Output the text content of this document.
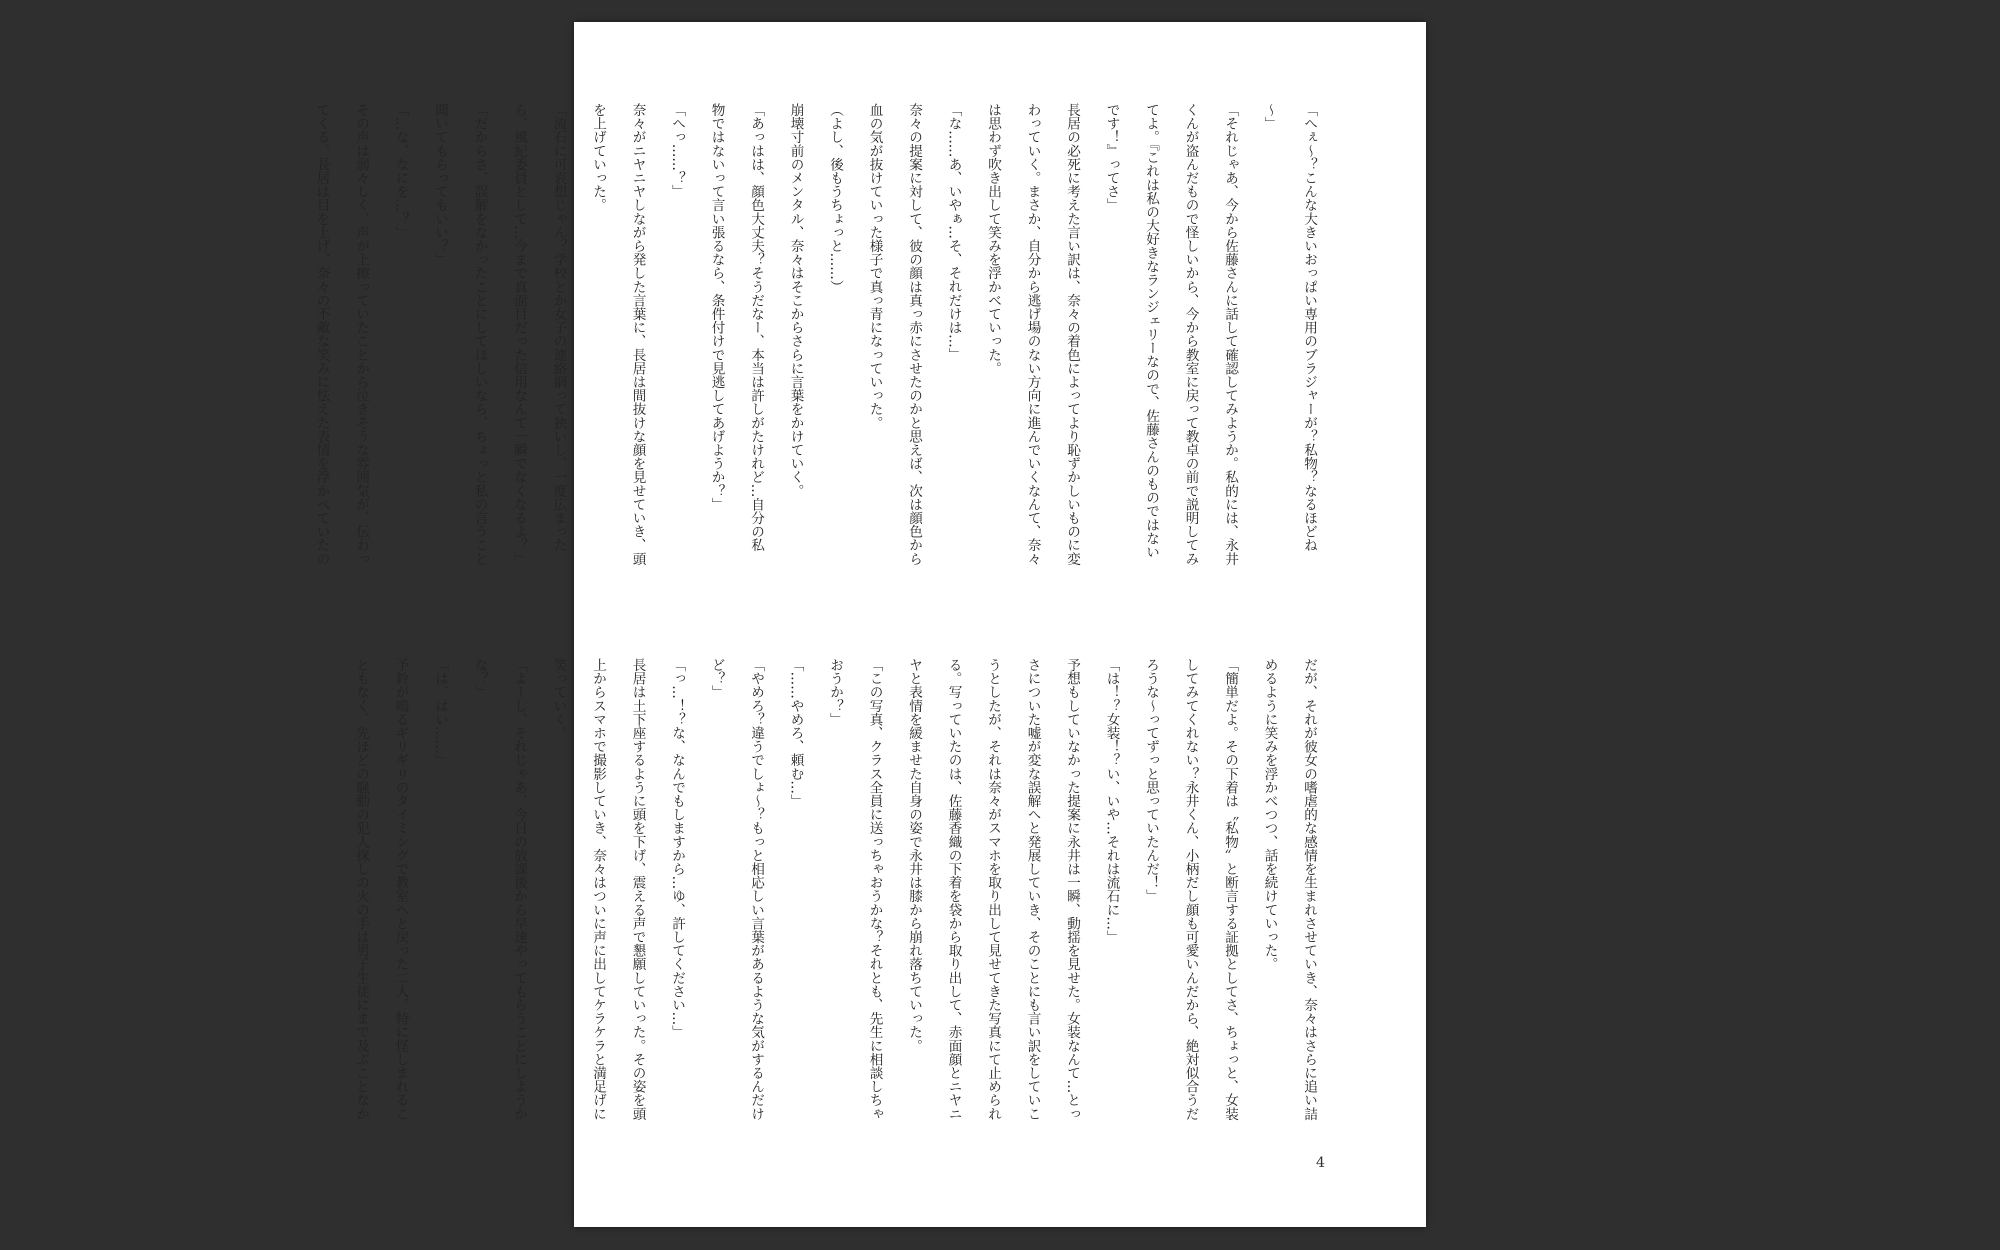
「へぇ〜？こんな大きいおっぱい専用のブラジャーが？私物？なるほどね

〜」

「それじゃあ、今から佐藤さんに話して確認してみようか。私的には、永井

くんが盗んだもので怪しいから、今から教室に戻って教卓の前で説明してみ

てよ。『これは私の大好きなランジェリーなので、佐藤さんのものではない

です！』ってさ」

長居の必死に考えた言い訳は、奈々の着色によってより恥ずかしいものに変

わっていく。まさか、自分から逃げ場のない方向に進んでいくなんて、奈々

は思わず吹き出して笑みを浮かべていった。

「な……あ、いやぁ…そ、それだけは…」

奈々の提案に対して、彼の顔は真っ赤にさせたのかと思えば、次は顔色から

血の気が抜けていった様子で真っ青になっていった。

（よし、後もうちょっと……）

崩壊寸前のメンタル、奈々はそこからさらに言葉をかけていく。

「あっはは、顔色大丈夫？そうだなー、本当は許しがたけれど…自分の私

物ではないって言い張るなら、条件付けで見逃してあげようか？」

「へっ……？」

奈々がニヤニヤしながら発した言葉に、長居は間抜けな顔を見せていき、頭

を上げていった。

「流石に可哀想じゃん？学校とか女子の連絡網って狭いし、一度広まった

ら、風紀委員として…今まで真面目だった信用なんて一瞬でなくなるよ？」

「だからさ、誤解をなかったことにしてほしいなら、ちょっと私の言うこと

聞いてもらってもいい？」

「…な、なにを…？」

その声は弱々しく、声が上擦っていたことから泣きそうな雰囲気が、伝わっ

てくる。長居は目を上げ、奈々の不敵な笑みに怯えた表情を浮かべていたの

だが、それが彼女の嗜虐的な感情を生まれさせていき、奈々はさらに追い詰

めるように笑みを浮かべつつ、話を続けていった。

「簡単だよ。その下着は〝私物〟と断言する証拠としてさ、ちょっと、女装

してみてくれない？永井くん、小柄だし顔も可愛いんだから、絶対似合うだ

ろうな〜ってずっと思っていたんだ！」

「は！？女装！？い、いや…それは流石に…」

予想もしていなかった提案に永井は一瞬、動揺を見せた。女装なんて…とっ

さについた嘘が変な誤解へと発展していき、そのことにも言い訳をしていこ

うとしたが、それは奈々がスマホを取り出して見せてきた写真にて止められ

る。写っていたのは、佐藤香織の下着を袋から取り出して、赤面顔とニヤニ

ヤと表情を緩ませた自身の姿で永井は膝から崩れ落ちていった。

「この写真、クラス全員に送っちゃおうかな？それとも、先生に相談しちゃ

おうか？」

「……やめろ、頼む…」

「やめろ？違うでしょ〜？もっと相応しい言葉があるような気がするんだけ

ど？」

「っ…！？な、なんでもしますから…ゆ、許してください…」

長居は土下座するように頭を下げ、震える声で懇願していった。その姿を頭

上からスマホで撮影していき、奈々はついに声に出してケラケラと満足げに

笑っていく。

「よーし、それじゃあ、今日の放課後から早速やってもらうことにしようか

な？」

「は、はい……」

予鈴が鳴るギリギリのタイミングで教室へと戻った二人。特に怪しまれるこ

ともなく、先ほどの騒動の犯人探しの火の手は男子生徒にまで及ぶことなか

4
